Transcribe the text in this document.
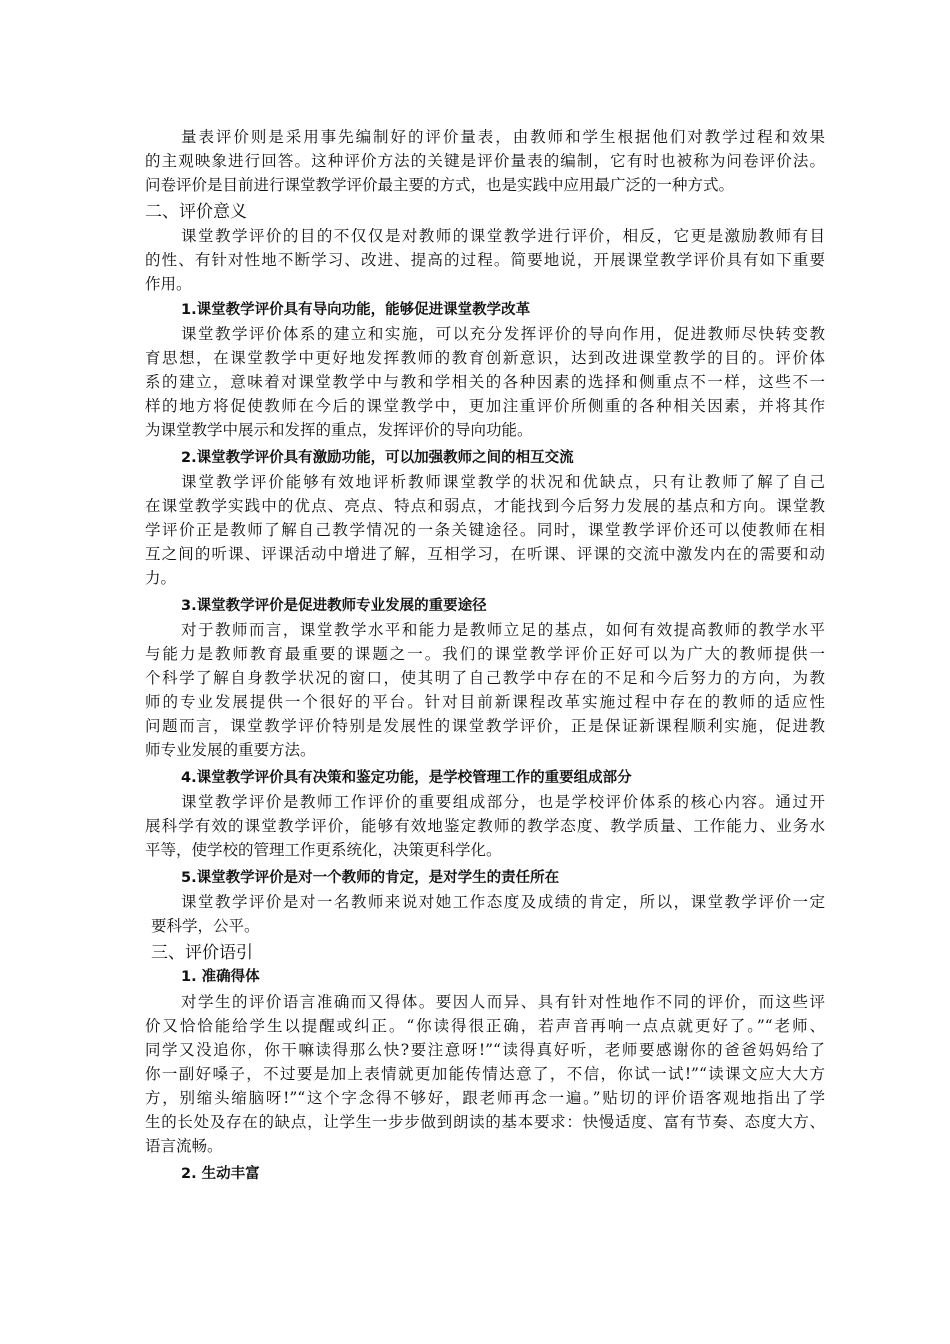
量表评价则是采用事先编制好的评价量表，由教师和学生根据他们对教学过程和效果
的主观映象进行回答。这种评价方法的关键是评价量表的编制，它有时也被称为问卷评价法。
问卷评价是目前进行课堂教学评价最主要的方式，也是实践中应用最广泛的一种方式。
二、评价意义
课堂教学评价的目的不仅仅是对教师的课堂教学进行评价，相反，它更是激励教师有目
的性、有针对性地不断学习、改进、提高的过程。简要地说，开展课堂教学评价具有如下重要
作用。
1.课堂教学评价具有导向功能，能够促进课堂教学改革
课堂教学评价体系的建立和实施，可以充分发挥评价的导向作用，促进教师尽快转变教
育思想，在课堂教学中更好地发挥教师的教育创新意识，达到改进课堂教学的目的。评价体
系的建立，意味着对课堂教学中与教和学相关的各种因素的选择和侧重点不一样，这些不一
样的地方将促使教师在今后的课堂教学中，更加注重评价所侧重的各种相关因素，并将其作
为课堂教学中展示和发挥的重点，发挥评价的导向功能。
2.课堂教学评价具有激励功能，可以加强教师之间的相互交流
课堂教学评价能够有效地评析教师课堂教学的状况和优缺点，只有让教师了解了自己
在课堂教学实践中的优点、亮点、特点和弱点，才能找到今后努力发展的基点和方向。课堂教
学评价正是教师了解自己教学情况的一条关键途径。同时，课堂教学评价还可以使教师在相
互之间的听课、评课活动中增进了解，互相学习，在听课、评课的交流中激发内在的需要和动
力。
3.课堂教学评价是促进教师专业发展的重要途径
对于教师而言，课堂教学水平和能力是教师立足的基点，如何有效提高教师的教学水平
与能力是教师教育最重要的课题之一。我们的课堂教学评价正好可以为广大的教师提供一
个科学了解自身教学状况的窗口，使其明了自己教学中存在的不足和今后努力的方向，为教
师的专业发展提供一个很好的平台。针对目前新课程改革实施过程中存在的教师的适应性
问题而言，课堂教学评价特别是发展性的课堂教学评价，正是保证新课程顺利实施，促进教
师专业发展的重要方法。
4.课堂教学评价具有决策和鉴定功能，是学校管理工作的重要组成部分
课堂教学评价是教师工作评价的重要组成部分，也是学校评价体系的核心内容。通过开
展科学有效的课堂教学评价，能够有效地鉴定教师的教学态度、教学质量、工作能力、业务水
平等，使学校的管理工作更系统化，决策更科学化。
5.课堂教学评价是对一个教师的肯定，是对学生的责任所在
课堂教学评价是对一名教师来说对她工作态度及成绩的肯定，所以，课堂教学评价一定
要科学，公平。
三、评价语引
1. 准确得体
对学生的评价语言准确而又得体。要因人而异、具有针对性地作不同的评价，而这些评
价又恰恰能给学生以提醒或纠正。“你读得很正确，若声音再响一点点就更好了。”“老师、
同学又没追你，你干嘛读得那么快?要注意呀!”“读得真好听，老师要感谢你的爸爸妈妈给了
你一副好嗓子，不过要是加上表情就更加能传情达意了，不信，你试一试!”“读课文应大大方
方，别缩头缩脑呀!”“这个字念得不够好，跟老师再念一遍。”贴切的评价语客观地指出了学
生的长处及存在的缺点，让学生一步步做到朗读的基本要求：快慢适度、富有节奏、态度大方、
语言流畅。
2. 生动丰富
